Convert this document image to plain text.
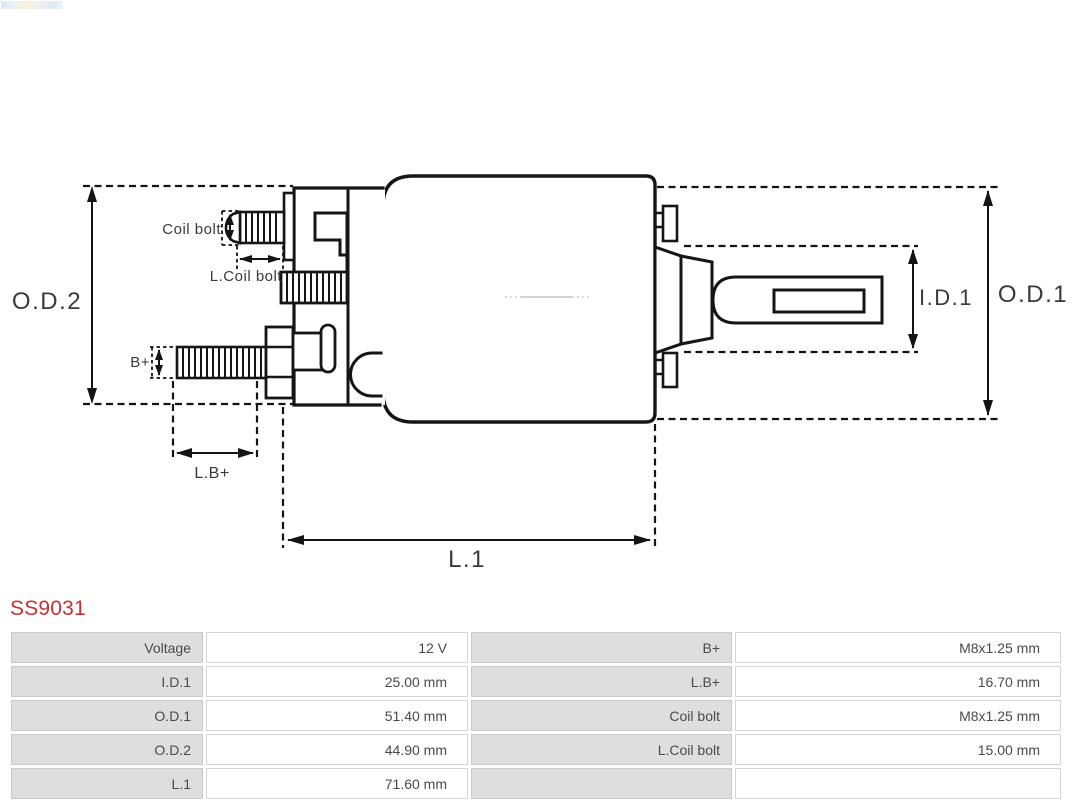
O.D.2	O.D.1
I.D.1
L.1
Coil bolt
L.Coil bolt
B+
L.B+
SS9031
Voltage	12 V	B+	M8x1.25 mm
I.D.1	25.00 mm	L.B+	16.70 mm
O.D.1	51.40 mm	Coil bolt	M8x1.25 mm
O.D.2	44.90 mm	L.Coil bolt	15.00 mm
L.1	71.60 mm		
